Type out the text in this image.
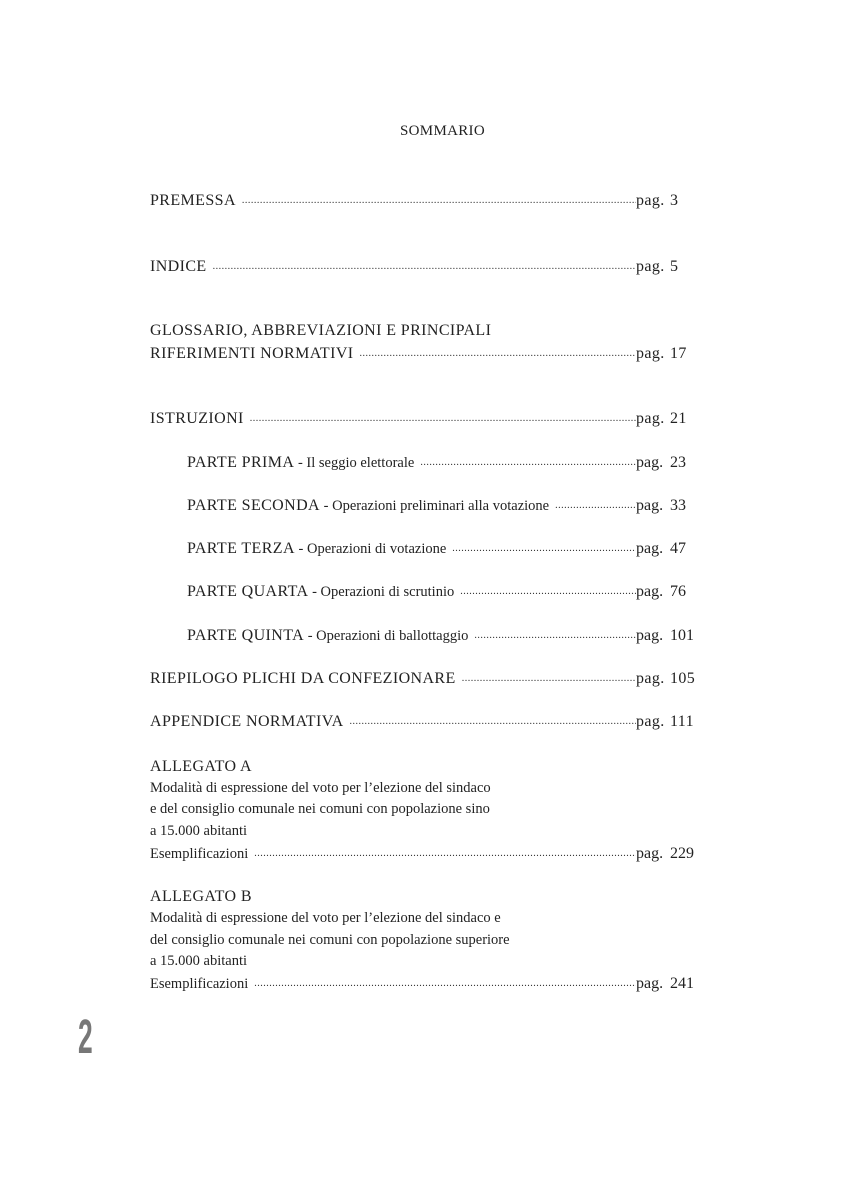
SOMMARIO
PREMESSA .....	pag. 3
INDICE .....	pag. 5
GLOSSARIO, ABBREVIAZIONI E PRINCIPALI
RIFERIMENTI NORMATIVI .....	pag. 17
ISTRUZIONI .....	pag. 21
PARTE PRIMA - Il seggio elettorale .....	pag. 23
PARTE SECONDA - Operazioni preliminari alla votazione .....	pag. 33
PARTE TERZA - Operazioni di votazione .....	pag. 47
PARTE QUARTA - Operazioni di scrutinio .....	pag. 76
PARTE QUINTA - Operazioni di ballottaggio .....	pag. 101
RIEPILOGO PLICHI DA CONFEZIONARE .....	pag. 105
APPENDICE NORMATIVA .....	pag. 111
ALLEGATO A
Modalità di espressione del voto per l’elezione del sindaco
e del consiglio comunale nei comuni con popolazione sino
a 15.000 abitanti
Esemplificazioni .....	pag. 229
ALLEGATO B
Modalità di espressione del voto per l’elezione del sindaco e
del consiglio comunale nei comuni con popolazione superiore
a 15.000 abitanti
Esemplificazioni .....	pag. 241
2
